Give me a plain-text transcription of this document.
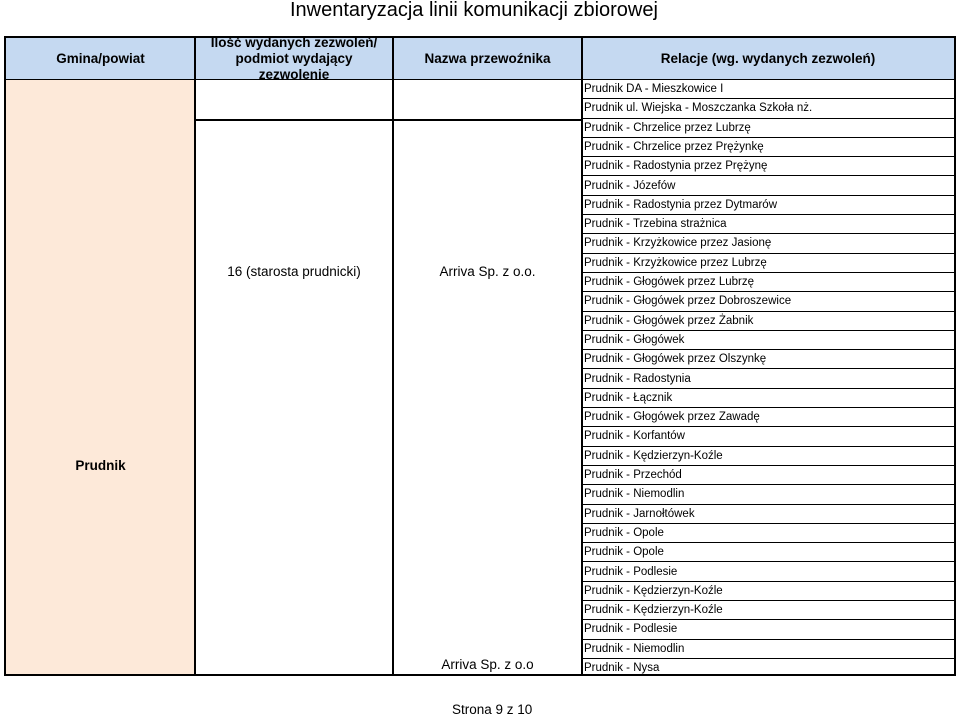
Inwentaryzacja linii komunikacji zbiorowej
Gmina/powiat
Ilość wydanych zezwoleń/ podmiot wydający zezwolenie
Nazwa przewoźnika	Relacje (wg. wydanych zezwoleń)
Prudnik
16 (starosta prudnicki)	Arriva Sp. z o.o.
Arriva Sp. z o.o
Prudnik DA - Mieszkowice I
Prudnik ul. Wiejska - Moszczanka Szkoła nż.
Prudnik - Chrzelice przez Lubrzę
Prudnik - Chrzelice przez Prężynkę
Prudnik - Radostynia przez Prężynę
Prudnik - Józefów
Prudnik - Radostynia przez Dytmarów
Prudnik - Trzebina strażnica
Prudnik - Krzyżkowice przez Jasionę
Prudnik - Krzyżkowice przez Lubrzę
Prudnik - Głogówek przez Lubrzę
Prudnik - Głogówek przez Dobroszewice
Prudnik - Głogówek przez Żabnik
Prudnik - Głogówek
Prudnik - Głogówek przez Olszynkę
Prudnik - Radostynia
Prudnik - Łącznik
Prudnik - Głogówek przez Zawadę
Prudnik - Korfantów
Prudnik - Kędzierzyn-Koźle
Prudnik - Przechód
Prudnik - Niemodlin
Prudnik - Jarnołtówek
Prudnik - Opole
Prudnik - Opole
Prudnik - Podlesie
Prudnik - Kędzierzyn-Koźle
Prudnik - Kędzierzyn-Koźle
Prudnik - Podlesie
Prudnik - Niemodlin
Prudnik - Nysa
Strona 9 z 10
